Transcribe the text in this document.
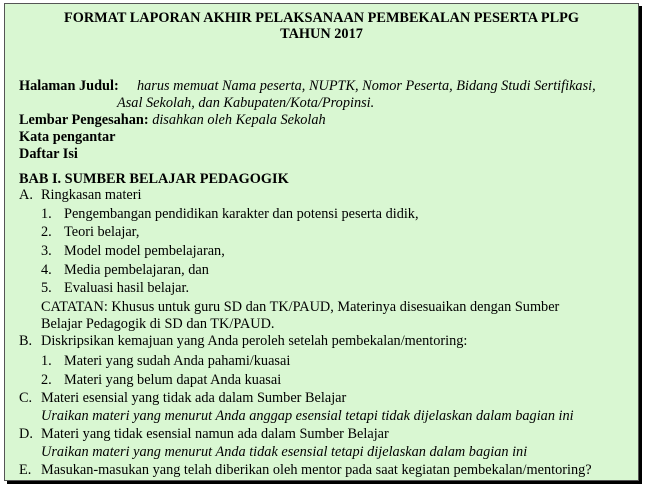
FORMAT LAPORAN AKHIR PELAKSANAAN PEMBEKALAN PESERTA PLPG
TAHUN 2017
Halaman Judul: harus memuat Nama peserta, NUPTK, Nomor Peserta, Bidang Studi Sertifikasi,
Asal Sekolah, dan Kabupaten/Kota/Propinsi.
Lembar Pengesahan: disahkan oleh Kepala Sekolah
Kata pengantar
Daftar Isi
BAB I. SUMBER BELAJAR PEDAGOGIK
A. Ringkasan materi
1. Pengembangan pendidikan karakter dan potensi peserta didik,
2. Teori belajar,
3. Model model pembelajaran,
4. Media pembelajaran, dan
5. Evaluasi hasil belajar.
CATATAN: Khusus untuk guru SD dan TK/PAUD, Materinya disesuaikan dengan Sumber
Belajar Pedagogik di SD dan TK/PAUD.
B. Diskripsikan kemajuan yang Anda peroleh setelah pembekalan/mentoring:
1. Materi yang sudah Anda pahami/kuasai
2. Materi yang belum dapat Anda kuasai
C. Materi esensial yang tidak ada dalam Sumber Belajar
Uraikan materi yang menurut Anda anggap esensial tetapi tidak dijelaskan dalam bagian ini
D. Materi yang tidak esensial namun ada dalam Sumber Belajar
Uraikan materi yang menurut Anda tidak esensial tetapi dijelaskan dalam bagian ini
E. Masukan-masukan yang telah diberikan oleh mentor pada saat kegiatan pembekalan/mentoring?
